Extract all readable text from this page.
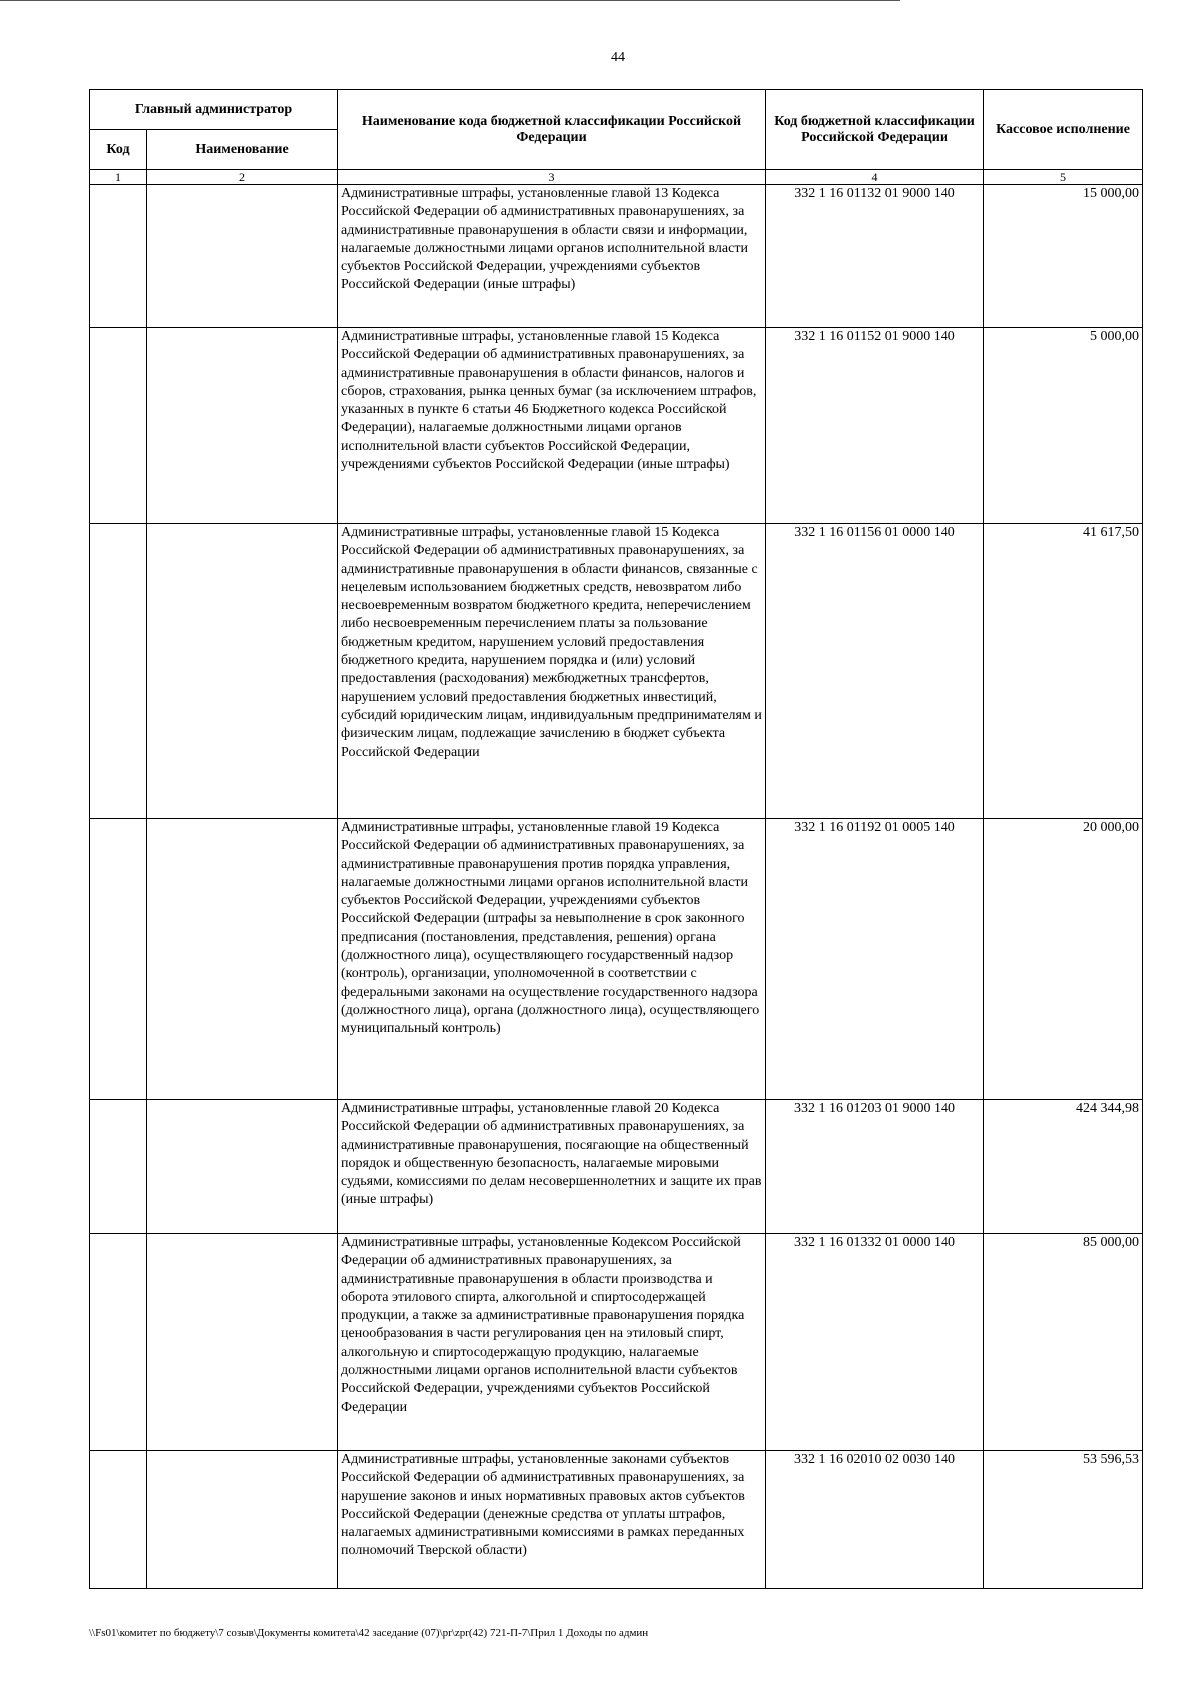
44
Главный администратор		Наименование кода бюджетной классификации Российской Федерации	Код бюджетной классификации Российской Федерации	Кассовое исполнение
Код	Наименование			
1	2	3	4	5
		Административные штрафы, установленные главой 13 Кодекса Российской Федерации об административных правонарушениях, за административные правонарушения в области связи и информации, налагаемые должностными лицами органов исполнительной власти субъектов Российской Федерации, учреждениями субъектов Российской Федерации (иные штрафы)	332 1 16 01132 01 9000 140	15 000,00
		Административные штрафы, установленные главой 15 Кодекса Российской Федерации об административных правонарушениях, за административные правонарушения в области финансов, налогов и сборов, страхования, рынка ценных бумаг (за исключением штрафов, указанных в пункте 6 статьи 46 Бюджетного кодекса Российской Федерации), налагаемые должностными лицами органов исполнительной власти субъектов Российской Федерации, учреждениями субъектов Российской Федерации (иные штрафы)	332 1 16 01152 01 9000 140	5 000,00
		Административные штрафы, установленные главой 15 Кодекса Российской Федерации об административных правонарушениях, за административные правонарушения в области финансов, связанные с нецелевым использованием бюджетных средств, невозвратом либо несвоевременным возвратом бюджетного кредита, неперечислением либо несвоевременным перечислением платы за пользование бюджетным кредитом, нарушением условий предоставления бюджетного кредита, нарушением порядка и (или) условий предоставления (расходования) межбюджетных трансфертов, нарушением условий предоставления бюджетных инвестиций, субсидий юридическим лицам, индивидуальным предпринимателям и физическим лицам, подлежащие зачислению в бюджет субъекта Российской Федерации	332 1 16 01156 01 0000 140	41 617,50
		Административные штрафы, установленные главой 19 Кодекса Российской Федерации об административных правонарушениях, за административные правонарушения против порядка управления, налагаемые должностными лицами органов исполнительной власти субъектов Российской Федерации, учреждениями субъектов Российской Федерации (штрафы за невыполнение в срок законного предписания (постановления, представления, решения) органа (должностного лица), осуществляющего государственный надзор (контроль), организации, уполномоченной в соответствии с федеральными законами на осуществление государственного надзора (должностного лица), органа (должностного лица), осуществляющего муниципальный контроль)	332 1 16 01192 01 0005 140	20 000,00
		Административные штрафы, установленные главой 20 Кодекса Российской Федерации об административных правонарушениях, за административные правонарушения, посягающие на общественный порядок и общественную безопасность, налагаемые мировыми судьями, комиссиями по делам несовершеннолетних и защите их прав (иные штрафы)	332 1 16 01203 01 9000 140	424 344,98
		Административные штрафы, установленные Кодексом Российской Федерации об административных правонарушениях, за административные правонарушения в области производства и оборота этилового спирта, алкогольной и спиртосодержащей продукции, а также за административные правонарушения порядка ценообразования в части регулирования цен на этиловый спирт, алкогольную и спиртосодержащую продукцию, налагаемые должностными лицами органов исполнительной власти субъектов Российской Федерации, учреждениями субъектов Российской Федерации	332 1 16 01332 01 0000 140	85 000,00
		Административные штрафы, установленные законами субъектов Российской Федерации об административных правонарушениях, за нарушение законов и иных нормативных правовых актов субъектов Российской Федерации (денежные средства от уплаты штрафов, налагаемых административными комиссиями в рамках переданных полномочий Тверской области)	332 1 16 02010 02 0030 140	53 596,53
\\Fs01\комитет по бюджету\7 созыв\Документы комитета\42 заседание (07)\pr\zpr(42) 721-П-7\Прил 1 Доходы по админ
